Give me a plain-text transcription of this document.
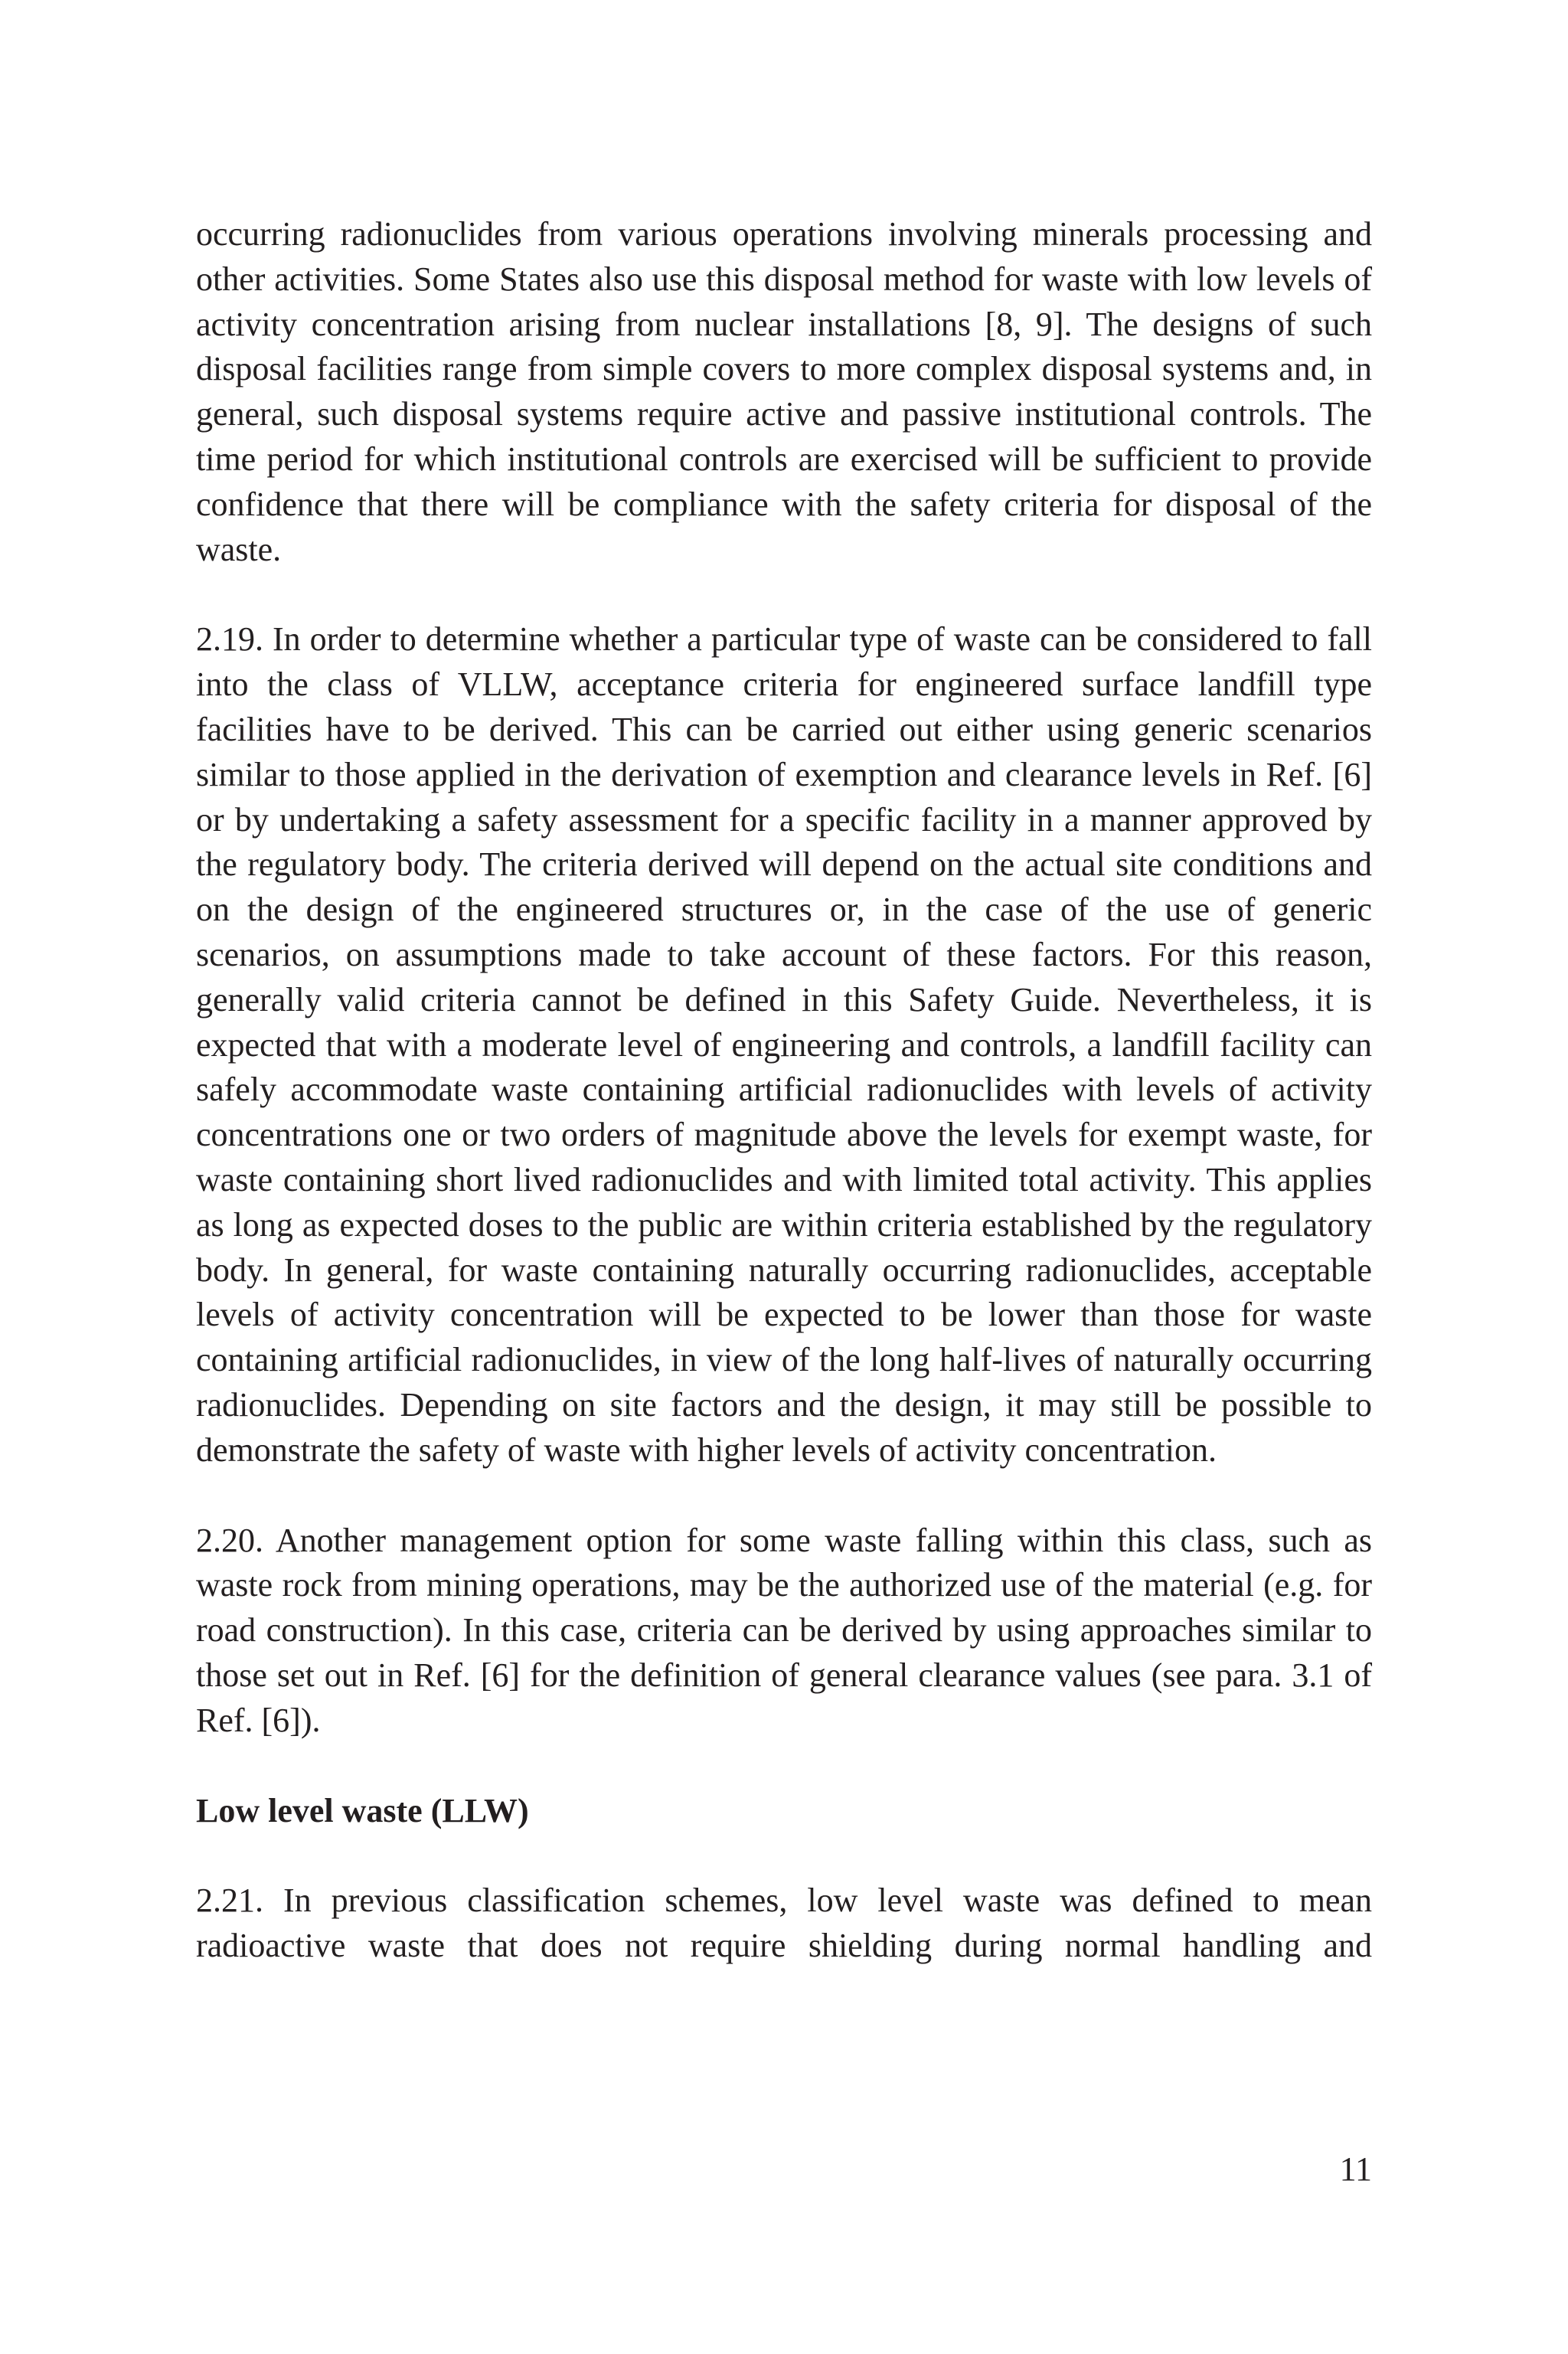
occurring radionuclides from various operations involving minerals processing and other activities. Some States also use this disposal method for waste with low levels of activity concentration arising from nuclear installations [8, 9]. The designs of such disposal facilities range from simple covers to more complex disposal systems and, in general, such disposal systems require active and passive institutional controls. The time period for which institutional controls are exercised will be sufficient to provide confidence that there will be compliance with the safety criteria for disposal of the waste.

2.19. In order to determine whether a particular type of waste can be considered to fall into the class of VLLW, acceptance criteria for engineered surface landfill type facilities have to be derived. This can be carried out either using generic scenarios similar to those applied in the derivation of exemption and clearance levels in Ref. [6] or by undertaking a safety assessment for a specific facility in a manner approved by the regulatory body. The criteria derived will depend on the actual site conditions and on the design of the engineered structures or, in the case of the use of generic scenarios, on assumptions made to take account of these factors. For this reason, generally valid criteria cannot be defined in this Safety Guide. Nevertheless, it is expected that with a moderate level of engineering and controls, a landfill facility can safely accommodate waste containing artificial radionuclides with levels of activity concentrations one or two orders of magnitude above the levels for exempt waste, for waste containing short lived radionuclides and with limited total activity. This applies as long as expected doses to the public are within criteria established by the regulatory body. In general, for waste containing naturally occurring radionuclides, acceptable levels of activity concentration will be expected to be lower than those for waste containing artificial radionuclides, in view of the long half-lives of naturally occurring radionuclides. Depending on site factors and the design, it may still be possible to demonstrate the safety of waste with higher levels of activity concentration.

2.20. Another management option for some waste falling within this class, such as waste rock from mining operations, may be the authorized use of the material (e.g. for road construction). In this case, criteria can be derived by using approaches similar to those set out in Ref. [6] for the definition of general clearance values (see para. 3.1 of Ref. [6]).

Low level waste (LLW)

2.21. In previous classification schemes, low level waste was defined to mean radioactive waste that does not require shielding during normal handling and

11
